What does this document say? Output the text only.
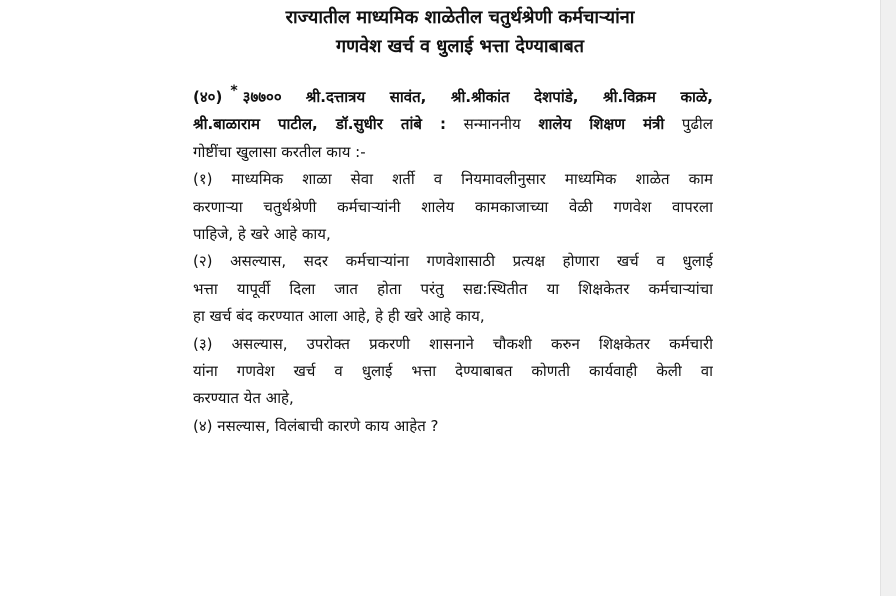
राज्यातील माध्यमिक शाळेतील चतुर्थश्रेणी कर्मचाऱ्यांना
गणवेश खर्च व धुलाई भत्ता देण्याबाबत
(४०) * ३७७०० श्री.दत्तात्रय सावंत, श्री.श्रीकांत देशपांडे, श्री.विक्रम काळे,
श्री.बाळाराम पाटील, डॉ.सुधीर तांबे : सन्माननीय शालेय शिक्षण मंत्री पुढील
गोष्टींचा खुलासा करतील काय :-
(१) माध्यमिक शाळा सेवा शर्ती व नियमावलीनुसार माध्यमिक शाळेत काम
करणाऱ्या चतुर्थश्रेणी कर्मचाऱ्यांनी शालेय कामकाजाच्या वेळी गणवेश वापरला
पाहिजे, हे खरे आहे काय,
(२) असल्यास, सदर कर्मचाऱ्यांना गणवेशासाठी प्रत्यक्ष होणारा खर्च व धुलाई
भत्ता यापूर्वी दिला जात होता परंतु सद्य:स्थितीत या शिक्षकेतर कर्मचाऱ्यांचा
हा खर्च बंद करण्यात आला आहे, हे ही खरे आहे काय,
(३) असल्यास, उपरोक्त प्रकरणी शासनाने चौकशी करुन शिक्षकेतर कर्मचारी
यांना गणवेश खर्च व धुलाई भत्ता देण्याबाबत कोणती कार्यवाही केली वा
करण्यात येत आहे,
(४) नसल्यास, विलंबाची कारणे काय आहेत ?
